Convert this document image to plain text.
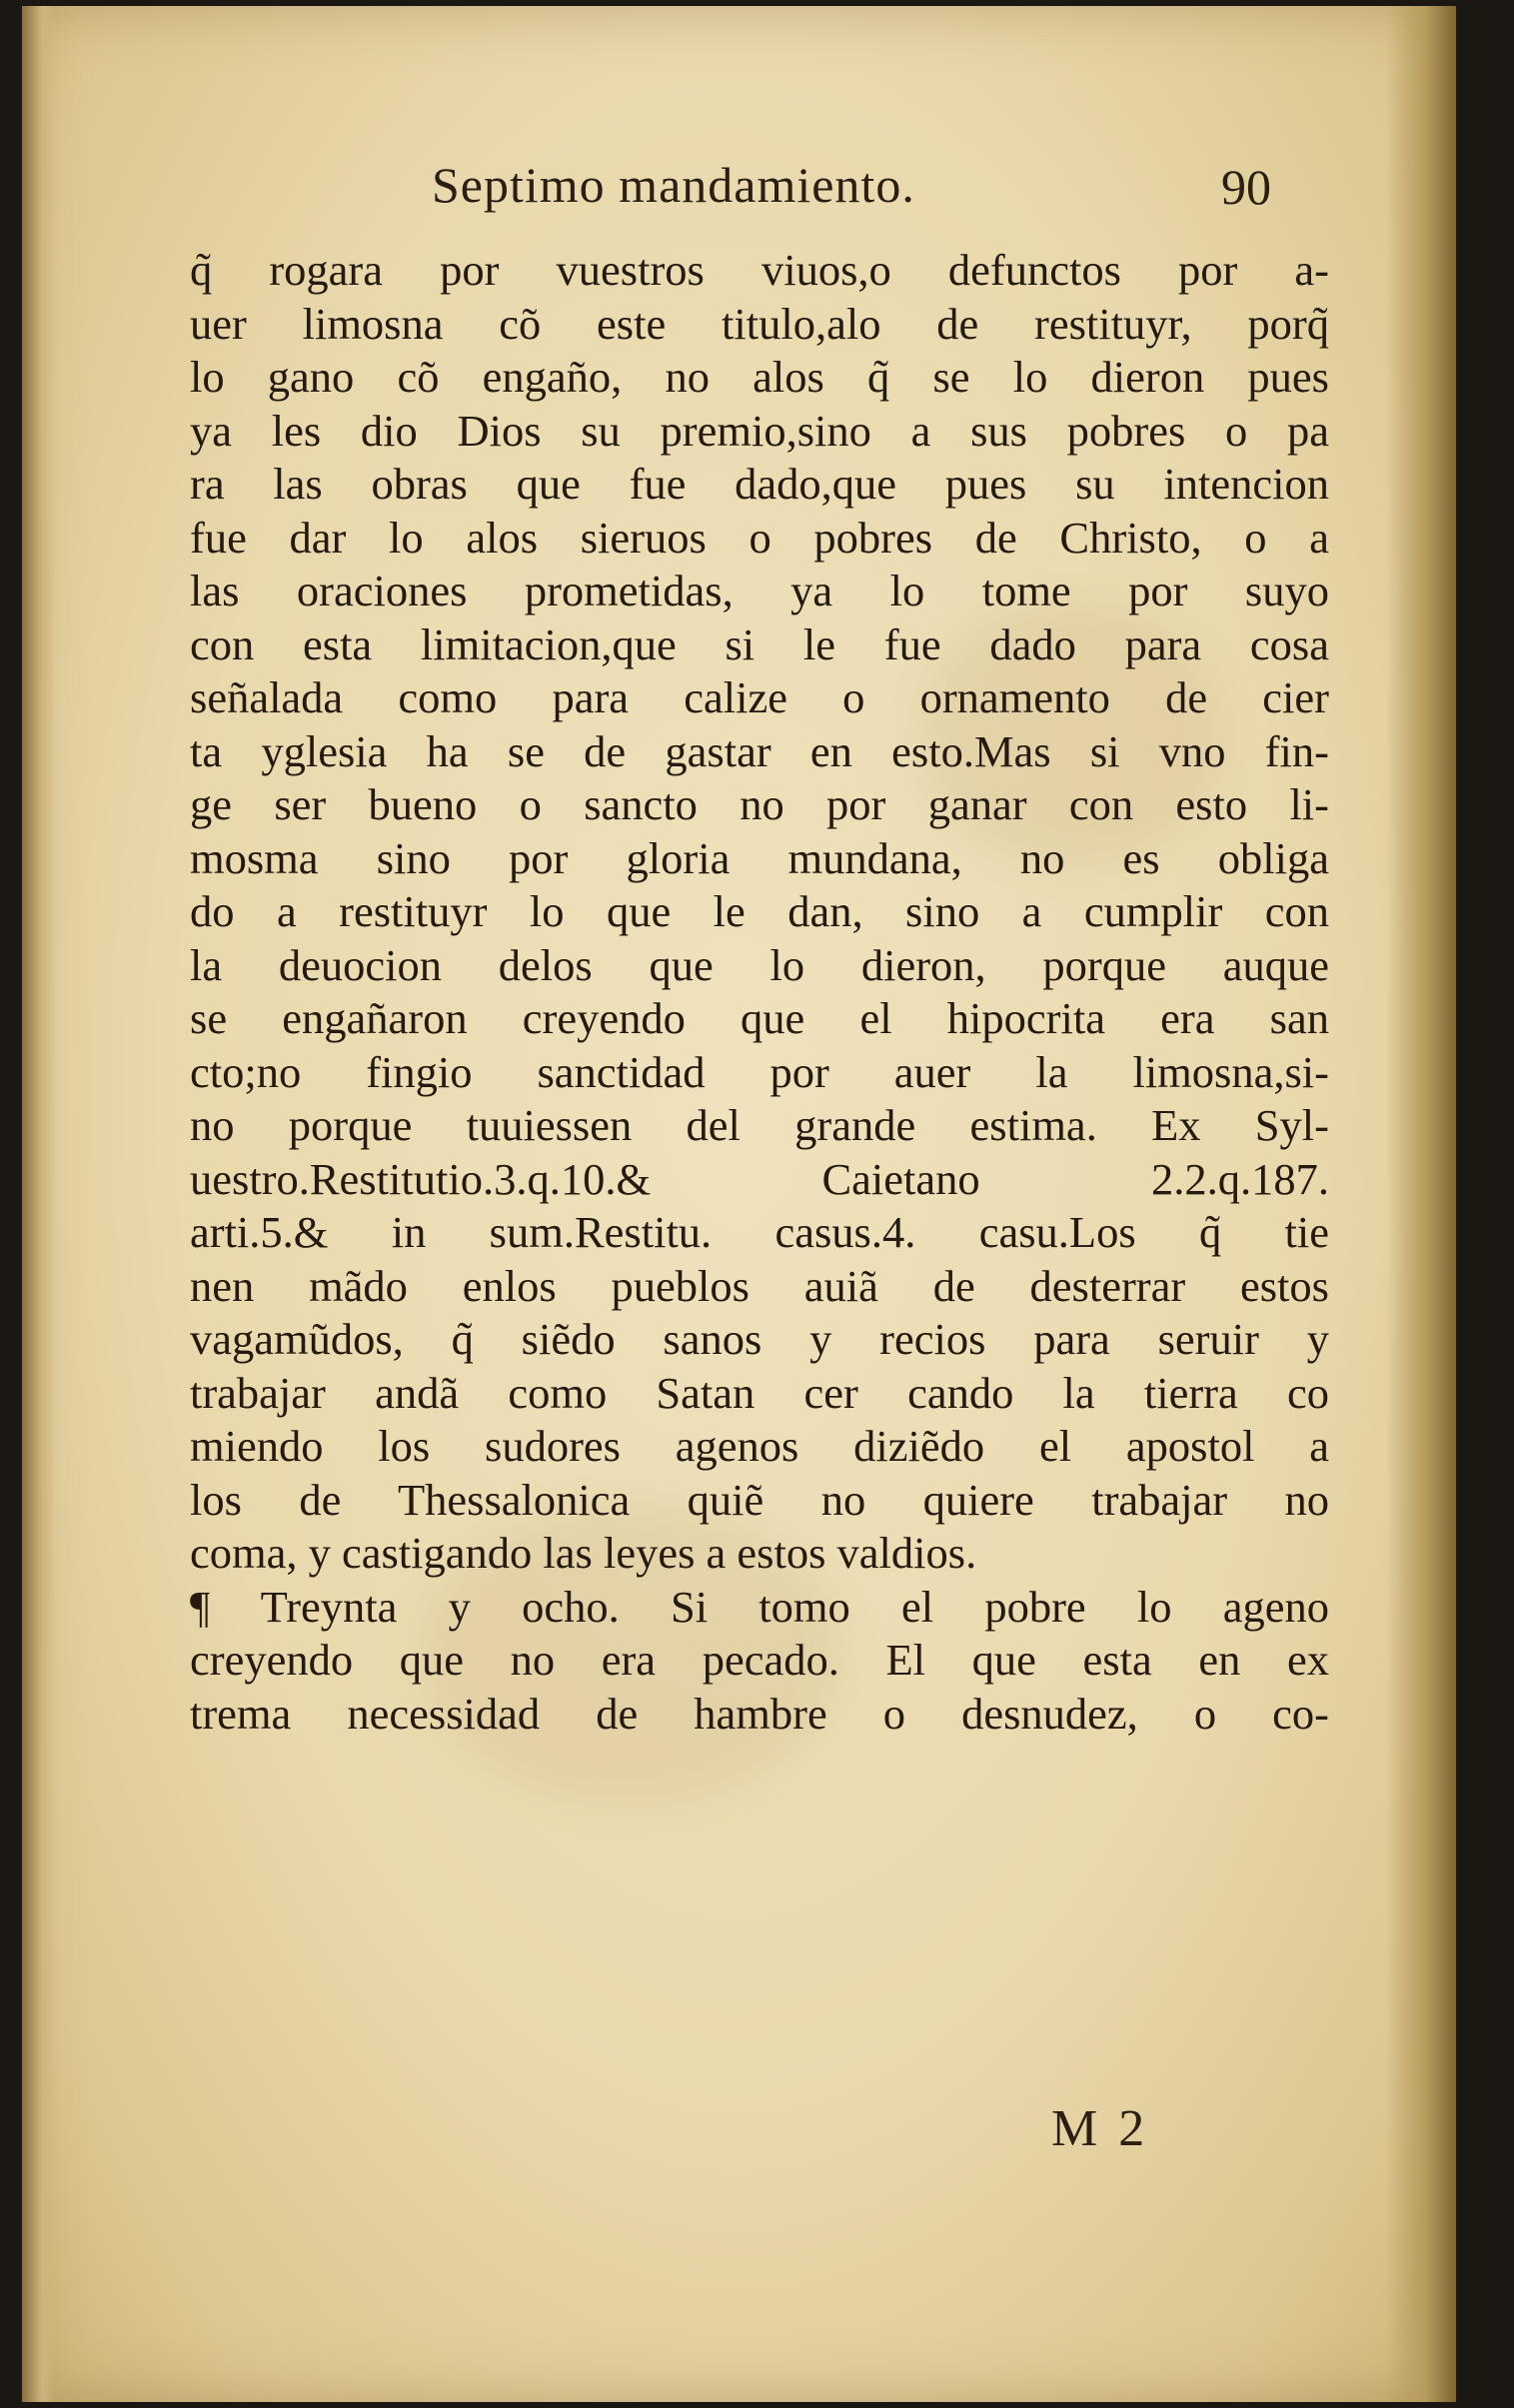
Septimo mandamiento.	90
q̃ rogara por vuestros viuos,o defunctos por a-
uer limosna cõ este titulo,alo de restituyr, porq̃
lo gano cõ engaño, no alos q̃ se lo dieron pues
ya les dio Dios su premio,sino a sus pobres o pa
ra las obras que fue dado,que pues su intencion
fue dar lo alos sieruos o pobres de Christo, o a
las oraciones prometidas, ya lo tome por suyo
con esta limitacion,que si le fue dado para cosa
señalada como para calize o ornamento de cier
ta yglesia ha se de gastar en esto.Mas si vno fin-
ge ser bueno o sancto no por ganar con esto li-
mosma sino por gloria mundana, no es obliga
do a restituyr lo que le dan, sino a cumplir con
la deuocion delos que lo dieron, porque auque
se engañaron creyendo que el hipocrita era san
cto;no fingio sanctidad por auer la limosna,si-
no porque tuuiessen del grande estima. Ex Syl-
uestro.Restitutio.3.q.10.& Caietano 2.2.q.187.
arti.5.& in sum.Restitu. casus.4. casu.Los q̃ tie
nen mãdo enlos pueblos auiã de desterrar estos
vagamũdos, q̃ siẽdo sanos y recios para seruir y
trabajar andã como Satan cer cando la tierra co
miendo los sudores agenos diziẽdo el apostol a
los de Thessalonica quiẽ no quiere trabajar no
coma, y castigando las leyes a estos valdios.
¶ Treynta y ocho. Si tomo el pobre lo ageno
creyendo que no era pecado. El que esta en ex
trema necessidad de hambre o desnudez, o co-
M 2
